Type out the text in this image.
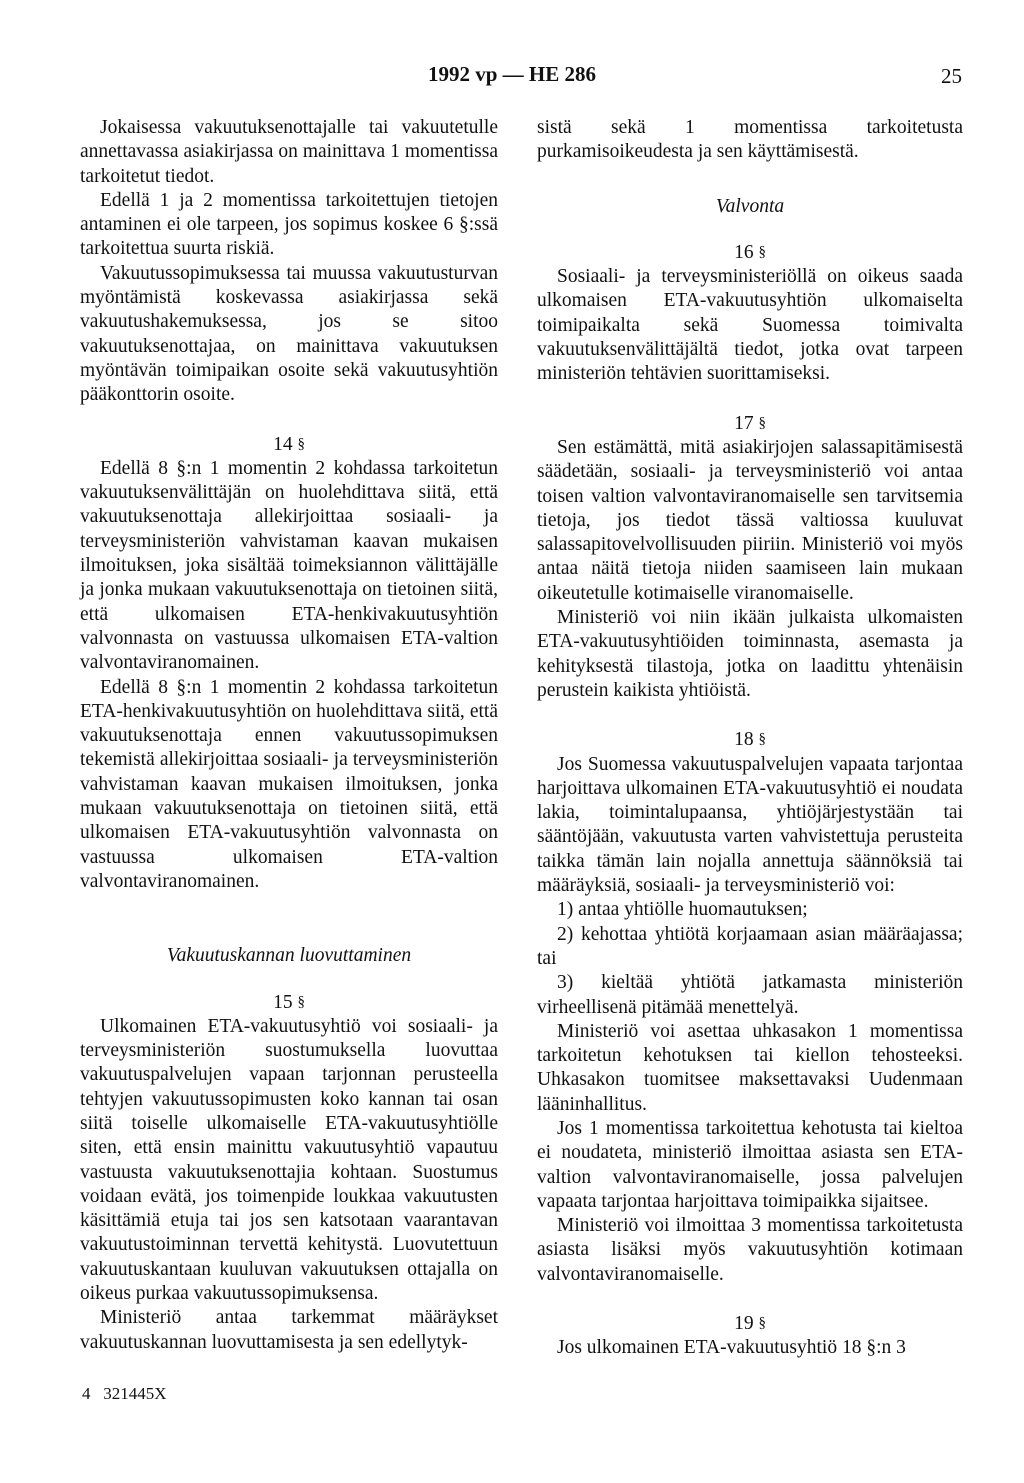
1992 vp — HE 286	25

Jokaisessa vakuutuksenottajalle tai vakuutetulle annettavassa asiakirjassa on mainittava 1 momentissa tarkoitetut tiedot.

Edellä 1 ja 2 momentissa tarkoitettujen tietojen antaminen ei ole tarpeen, jos sopimus koskee 6 §:ssä tarkoitettua suurta riskiä.

Vakuutussopimuksessa tai muussa vakuutusturvan myöntämistä koskevassa asiakirjassa sekä vakuutushakemuksessa, jos se sitoo vakuutuksenottajaa, on mainittava vakuutuksen myöntävän toimipaikan osoite sekä vakuutusyhtiön pääkonttorin osoite.

14 §

Edellä 8 §:n 1 momentin 2 kohdassa tarkoitetun vakuutuksenvälittäjän on huolehdittava siitä, että vakuutuksenottaja allekirjoittaa sosiaali- ja terveysministeriön vahvistaman kaavan mukaisen ilmoituksen, joka sisältää toimeksiannon välittäjälle ja jonka mukaan vakuutuksenottaja on tietoinen siitä, että ulkomaisen ETA-henkivakuutusyhtiön valvonnasta on vastuussa ulkomaisen ETA-valtion valvontaviranomainen.

Edellä 8 §:n 1 momentin 2 kohdassa tarkoitetun ETA-henkivakuutusyhtiön on huolehdittava siitä, että vakuutuksenottaja ennen vakuutussopimuksen tekemistä allekirjoittaa sosiaali- ja terveysministeriön vahvistaman kaavan mukaisen ilmoituksen, jonka mukaan vakuutuksenottaja on tietoinen siitä, että ulkomaisen ETA-vakuutusyhtiön valvonnasta on vastuussa ulkomaisen ETA-valtion valvontaviranomainen.

Vakuutuskannan luovuttaminen
15 §

Ulkomainen ETA-vakuutusyhtiö voi sosiaali- ja terveysministeriön suostumuksella luovuttaa vakuutuspalvelujen vapaan tarjonnan perusteella tehtyjen vakuutussopimusten koko kannan tai osan siitä toiselle ulkomaiselle ETA-vakuutusyhtiölle siten, että ensin mainittu vakuutusyhtiö vapautuu vastuusta vakuutuksenottajia kohtaan. Suostumus voidaan evätä, jos toimenpide loukkaa vakuutusten käsittämiä etuja tai jos sen katsotaan vaarantavan vakuutustoiminnan tervettä kehitystä. Luovutettuun vakuutuskantaan kuuluvan vakuutuksen ottajalla on oikeus purkaa vakuutussopimuksensa.

Ministeriö antaa tarkemmat määräykset vakuutuskannan luovuttamisesta ja sen edellytyk-

sistä sekä 1 momentissa tarkoitetusta purkamisoikeudesta ja sen käyttämisestä.

Valvonta
16 §

Sosiaali- ja terveysministeriöllä on oikeus saada ulkomaisen ETA-vakuutusyhtiön ulkomaiselta toimipaikalta sekä Suomessa toimivalta vakuutuksenvälittäjältä tiedot, jotka ovat tarpeen ministeriön tehtävien suorittamiseksi.

17 §

Sen estämättä, mitä asiakirjojen salassapitämisestä säädetään, sosiaali- ja terveysministeriö voi antaa toisen valtion valvontaviranomaiselle sen tarvitsemia tietoja, jos tiedot tässä valtiossa kuuluvat salassapitovelvollisuuden piiriin. Ministeriö voi myös antaa näitä tietoja niiden saamiseen lain mukaan oikeutetulle kotimaiselle viranomaiselle.

Ministeriö voi niin ikään julkaista ulkomaisten ETA-vakuutusyhtiöiden toiminnasta, asemasta ja kehityksestä tilastoja, jotka on laadittu yhtenäisin perustein kaikista yhtiöistä.

18 §

Jos Suomessa vakuutuspalvelujen vapaata tarjontaa harjoittava ulkomainen ETA-vakuutusyhtiö ei noudata lakia, toimintalupaansa, yhtiöjärjestystään tai sääntöjään, vakuutusta varten vahvistettuja perusteita taikka tämän lain nojalla annettuja säännöksiä tai määräyksiä, sosiaali- ja terveysministeriö voi:

1) antaa yhtiölle huomautuksen;

2) kehottaa yhtiötä korjaamaan asian määräajassa; tai

3) kieltää yhtiötä jatkamasta ministeriön virheellisenä pitämää menettelyä.

Ministeriö voi asettaa uhkasakon 1 momentissa tarkoitetun kehotuksen tai kiellon tehosteeksi. Uhkasakon tuomitsee maksettavaksi Uudenmaan lääninhallitus.

Jos 1 momentissa tarkoitettua kehotusta tai kieltoa ei noudateta, ministeriö ilmoittaa asiasta sen ETA-valtion valvontaviranomaiselle, jossa palvelujen vapaata tarjontaa harjoittava toimipaikka sijaitsee.

Ministeriö voi ilmoittaa 3 momentissa tarkoitetusta asiasta lisäksi myös vakuutusyhtiön kotimaan valvontaviranomaiselle.

19 §

Jos ulkomainen ETA-vakuutusyhtiö 18 §:n 3

4   321445X
